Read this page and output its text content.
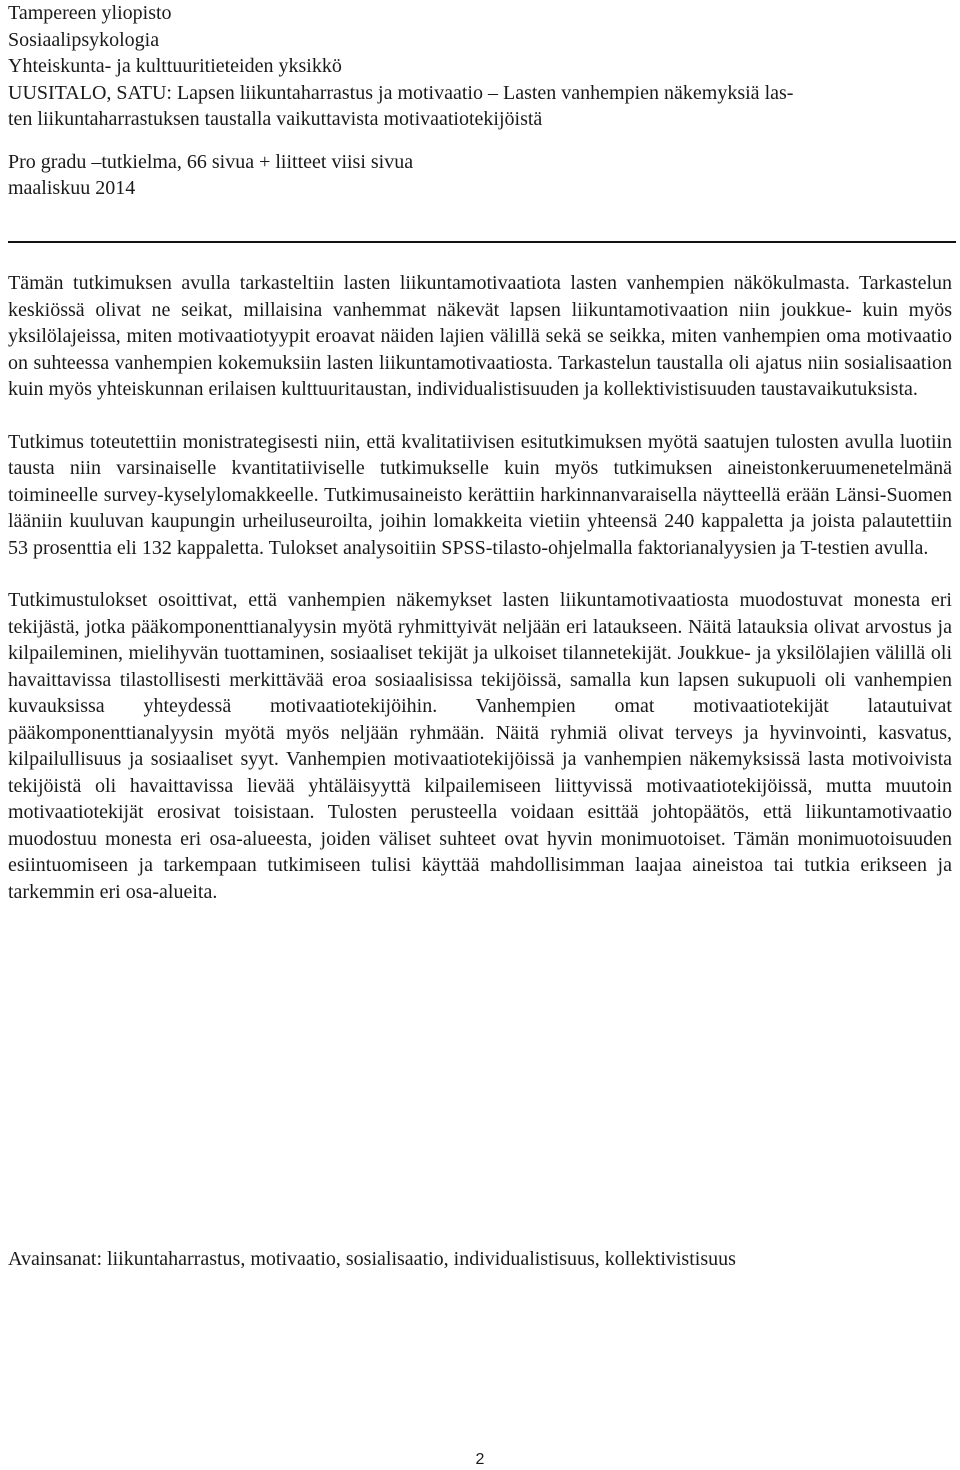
Tampereen yliopisto

Sosiaalipsykologia

Yhteiskunta- ja kulttuuritieteiden yksikkö

UUSITALO, SATU: Lapsen liikuntaharrastus ja motivaatio – Lasten vanhempien näkemyksiä las-

ten liikuntaharrastuksen taustalla vaikuttavista motivaatiotekijöistä

Pro gradu –tutkielma, 66 sivua + liitteet viisi sivua

maaliskuu 2014

Tämän tutkimuksen avulla tarkasteltiin lasten liikuntamotivaatiota lasten vanhempien näkökulmasta. Tarkastelun keskiössä olivat ne seikat, millaisina vanhemmat näkevät lapsen liikuntamotivaation niin joukkue- kuin myös yksilölajeissa, miten motivaatiotyypit eroavat näiden lajien välillä sekä se seikka, miten vanhempien oma motivaatio on suhteessa vanhempien kokemuksiin lasten liikuntamotivaatiosta. Tarkastelun taustalla oli ajatus niin sosialisaation kuin myös yhteiskunnan erilaisen kulttuuritaustan, individualistisuuden ja kollektivistisuuden taustavaikutuksista.

Tutkimus toteutettiin monistrategisesti niin, että kvalitatiivisen esitutkimuksen myötä saatujen tulosten avulla luotiin tausta niin varsinaiselle kvantitatiiviselle tutkimukselle kuin myös tutkimuksen aineistonkeruumenetelmänä toimineelle survey-kyselylomakkeelle. Tutkimusaineisto kerättiin harkinnanvaraisella näytteellä erään Länsi-Suomen lääniin kuuluvan kaupungin urheiluseuroilta, joihin lomakkeita vietiin yhteensä 240 kappaletta ja joista palautettiin 53 prosenttia eli 132 kappaletta. Tulokset analysoitiin SPSS-tilasto-ohjelmalla faktorianalyysien ja T-testien avulla.

Tutkimustulokset osoittivat, että vanhempien näkemykset lasten liikuntamotivaatiosta muodostuvat monesta eri tekijästä, jotka pääkomponenttianalyysin myötä ryhmittyivät neljään eri lataukseen. Näitä latauksia olivat arvostus ja kilpaileminen, mielihyvän tuottaminen, sosiaaliset tekijät ja ulkoiset tilannetekijät. Joukkue- ja yksilölajien välillä oli havaittavissa tilastollisesti merkittävää eroa sosiaalisissa tekijöissä, samalla kun lapsen sukupuoli oli vanhempien kuvauksissa yhteydessä motivaatiotekijöihin. Vanhempien omat motivaatiotekijät latautuivat pääkomponenttianalyysin myötä myös neljään ryhmään. Näitä ryhmiä olivat terveys ja hyvinvointi, kasvatus, kilpailullisuus ja sosiaaliset syyt. Vanhempien motivaatiotekijöissä ja vanhempien näkemyksissä lasta motivoivista tekijöistä oli havaittavissa lievää yhtäläisyyttä kilpailemiseen liittyvissä motivaatiotekijöissä, mutta muutoin motivaatiotekijät erosivat toisistaan. Tulosten perusteella voidaan esittää johtopäätös, että liikuntamotivaatio muodostuu monesta eri osa-alueesta, joiden väliset suhteet ovat hyvin monimuotoiset. Tämän monimuotoisuuden esiintuomiseen ja tarkempaan tutkimiseen tulisi käyttää mahdollisimman laajaa aineistoa tai tutkia erikseen ja tarkemmin eri osa-alueita.

Avainsanat: liikuntaharrastus, motivaatio, sosialisaatio, individualistisuus, kollektivistisuus

2
